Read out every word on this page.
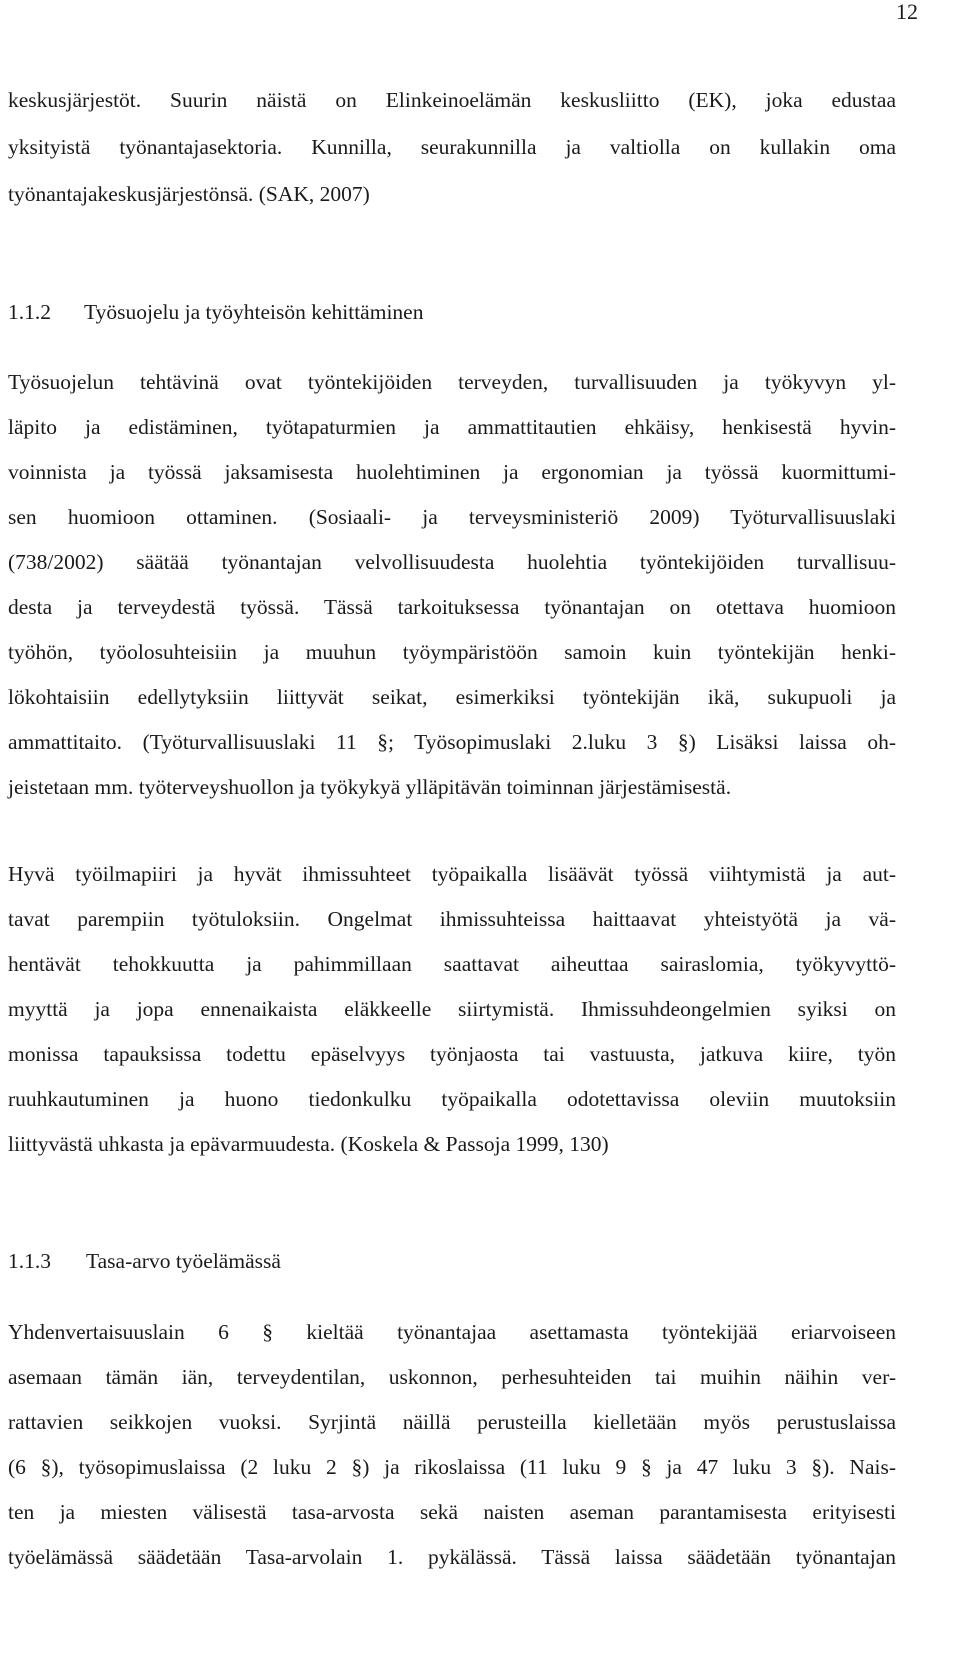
12

keskusjärjestöt. Suurin näistä on Elinkeinoelämän keskusliitto (EK), joka edustaa

yksityistä työnantajasektoria. Kunnilla, seurakunnilla ja valtiolla on kullakin oma

työnantajakeskusjärjestönsä. (SAK, 2007)

1.1.2 Työsuojelu ja työyhteisön kehittäminen

Työsuojelun tehtävinä ovat työntekijöiden terveyden, turvallisuuden ja työkyvyn yl-

läpito ja edistäminen, työtapaturmien ja ammattitautien ehkäisy, henkisestä hyvin-

voinnista ja työssä jaksamisesta huolehtiminen ja ergonomian ja työssä kuormittumi-

sen huomioon ottaminen. (Sosiaali- ja terveysministeriö 2009) Työturvallisuuslaki

(738/2002) säätää työnantajan velvollisuudesta huolehtia työntekijöiden turvallisuu-

desta ja terveydestä työssä. Tässä tarkoituksessa työnantajan on otettava huomioon

työhön, työolosuhteisiin ja muuhun työympäristöön samoin kuin työntekijän henki-

lökohtaisiin edellytyksiin liittyvät seikat, esimerkiksi työntekijän ikä, sukupuoli ja

ammattitaito. (Työturvallisuuslaki 11 §; Työsopimuslaki 2.luku 3 §) Lisäksi laissa oh-

jeistetaan mm. työterveyshuollon ja työkykyä ylläpitävän toiminnan järjestämisestä.

Hyvä työilmapiiri ja hyvät ihmissuhteet työpaikalla lisäävät työssä viihtymistä ja aut-

tavat parempiin työtuloksiin. Ongelmat ihmissuhteissa haittaavat yhteistyötä ja vä-

hentävät tehokkuutta ja pahimmillaan saattavat aiheuttaa sairaslomia, työkyvyttö-

myyttä ja jopa ennenaikaista eläkkeelle siirtymistä. Ihmissuhdeongelmien syiksi on

monissa tapauksissa todettu epäselvyys työnjaosta tai vastuusta, jatkuva kiire, työn

ruuhkautuminen ja huono tiedonkulku työpaikalla odotettavissa oleviin muutoksiin

liittyvästä uhkasta ja epävarmuudesta. (Koskela & Passoja 1999, 130)

1.1.3 Tasa-arvo työelämässä

Yhdenvertaisuuslain 6 § kieltää työnantajaa asettamasta työntekijää eriarvoiseen

asemaan tämän iän, terveydentilan, uskonnon, perhesuhteiden tai muihin näihin ver-

rattavien seikkojen vuoksi. Syrjintä näillä perusteilla kielletään myös perustuslaissa

(6 §), työsopimuslaissa (2 luku 2 §) ja rikoslaissa (11 luku 9 § ja 47 luku 3 §). Nais-

ten ja miesten välisestä tasa-arvosta sekä naisten aseman parantamisesta erityisesti

työelämässä säädetään Tasa-arvolain 1. pykälässä. Tässä laissa säädetään työnantajan
